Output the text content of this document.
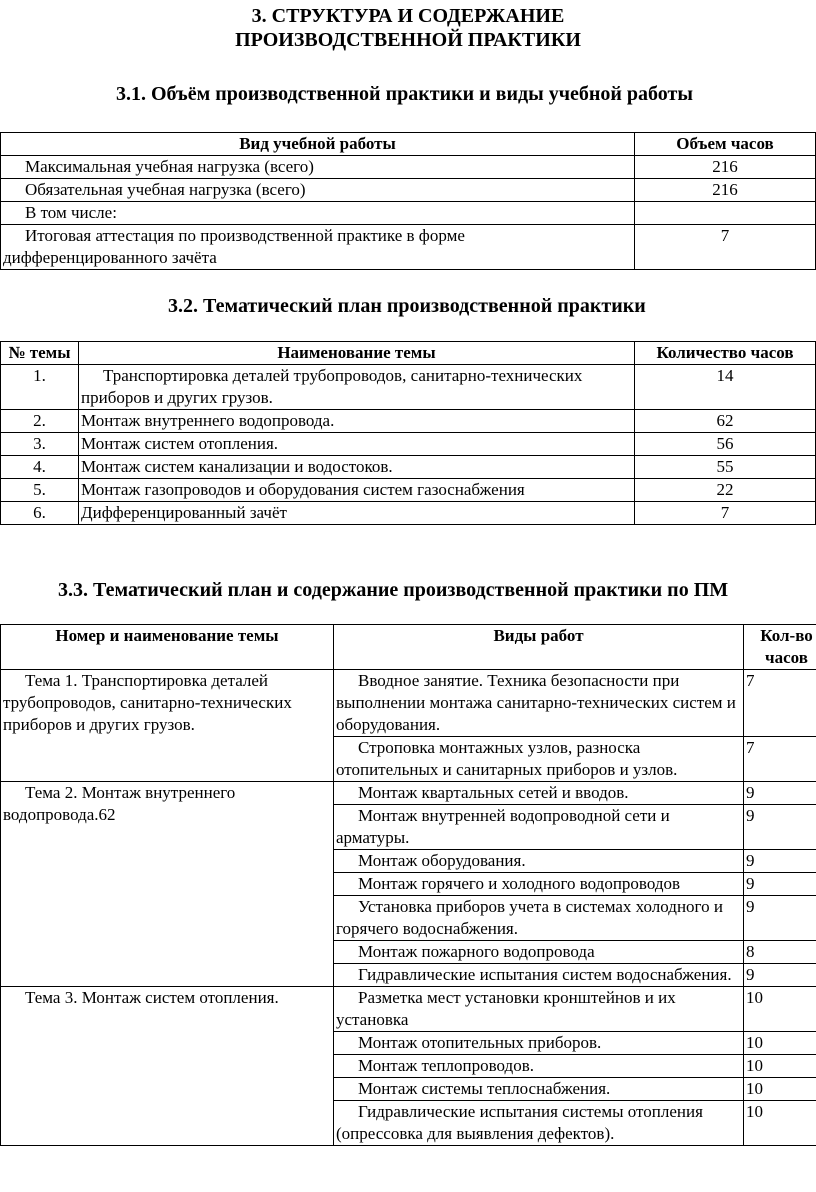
3. СТРУКТУРА И СОДЕРЖАНИЕ
ПРОИЗВОДСТВЕННОЙ ПРАКТИКИ
3.1. Объём производственной практики и виды учебной работы
Вид учебной работы	Объем часов
Максимальная учебная нагрузка (всего)	216
Обязательная учебная нагрузка (всего)	216
В том числе:	
Итоговая аттестация по производственной практике в форме дифференцированного зачёта	7
3.2. Тематический план производственной практики
№ темы	Наименование темы	Количество часов
1.	Транспортировка деталей трубопроводов, санитарно-технических приборов и других грузов.	14
2.	Монтаж внутреннего водопровода.	62
3.	Монтаж систем отопления.	56
4.	Монтаж систем канализации и водостоков.	55
5.	Монтаж газопроводов и оборудования систем газоснабжения	22
6.	Дифференцированный зачёт	7
3.3. Тематический план и содержание производственной практики по ПМ
Номер и наименование темы	Виды работ	Кол-во часов
Тема 1. Транспортировка деталей трубопроводов, санитарно-технических приборов и других грузов.	Вводное занятие. Техника безопасности при выполнении монтажа санитарно-технических систем и оборудования.	7
	Строповка монтажных узлов, разноска отопительных и санитарных приборов и узлов.	7
Тема 2. Монтаж внутреннего водопровода.62	Монтаж квартальных сетей и вводов.	9
	Монтаж внутренней водопроводной сети и арматуры.	9
	Монтаж оборудования.	9
	Монтаж горячего и холодного водопроводов	9
	Установка приборов учета в системах холодного и горячего водоснабжения.	9
	Монтаж пожарного водопровода	8
	Гидравлические испытания систем водоснабжения.	9
Тема 3. Монтаж систем отопления.	Разметка мест установки кронштейнов и их установка	10
	Монтаж отопительных приборов.	10
	Монтаж теплопроводов.	10
	Монтаж системы теплоснабжения.	10
	Гидравлические испытания системы отопления (опрессовка для выявления дефектов).	10
